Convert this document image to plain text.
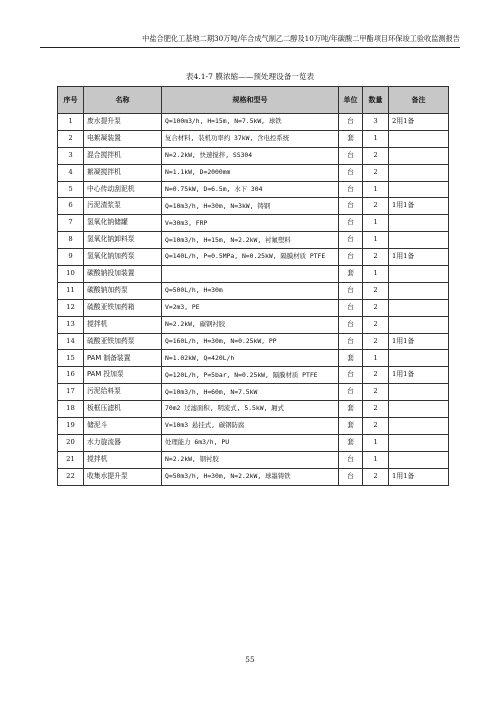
中盐合肥化工基地二期30万吨/年合成气制乙二醇及10万吨/年碳酸二甲酯项目环保竣工验收监测报告
表4.1-7 膜浓缩——预处理设备一览表
序号	名称	规格和型号	单位	数量	备注
1	废水提升泵	Q=100m3/h, H=15m, N=7.5kW, 球铁	台	3	2用1备
2	电絮凝装置	复合材料, 装机功率约 37kW, 含电控系统	套	1	
3	混合搅拌机	N=2.2kW, 快速搅拌, SS304	台	2	
4	絮凝搅拌机	N=1.1kW, D=2000mm	台	2	
5	中心传动刮泥机	N=0.75kW, D=6.5m, 水下 304	台	1	
6	污泥渣浆泵	Q=10m3/h, H=30m, N=3kW, 铸钢	台	2	1用1备
7	氢氧化钠储罐	V=30m3, FRP	台	1	
8	氢氧化钠卸料泵	Q=10m3/h, H=15m, N=2.2kW, 衬氟塑料	台	1	
9	氢氧化钠加药泵	Q=140L/h, P=0.5MPa, N=0.25kW, 隔膜材质 PTFE	台	2	1用1备
10	碳酸钠投加装置		套	1	
11	碳酸钠加药泵	Q=500L/h, H=30m	台	2	
12	硫酸亚铁加药箱	V=2m3, PE	台	2	
13	搅拌机	N=2.2kW, 碳钢衬胶	台	2	
14	硫酸亚铁加药泵	Q=160L/h, H=30m, N=0.25kW, PP	台	2	1用1备
15	PAM 制备装置	N=1.02kW, Q=420L/h	套	1	
16	PAM 投加泵	Q=120L/h, P=5bar, N=0.25kW, 隔膜材质 PTFE	台	2	1用1备
17	污泥给料泵	Q=10m3/h, H=60m, N=7.5kW	台	2	
18	板框压滤机	70m2 过滤面积, 明流式, 5.5kW, 厢式	套	2	
19	储泥斗	V=10m3 悬挂式, 碳钢防腐	套	2	
20	水力旋流器	处理能力 6m3/h, PU	套	1	
21	搅拌机	N=2.2kW, 钢衬胶	台	1	
22	收集水提升泵	Q=50m3/h, H=30m, N=2.2kW, 球墨铸铁	台	2	1用1备
55
